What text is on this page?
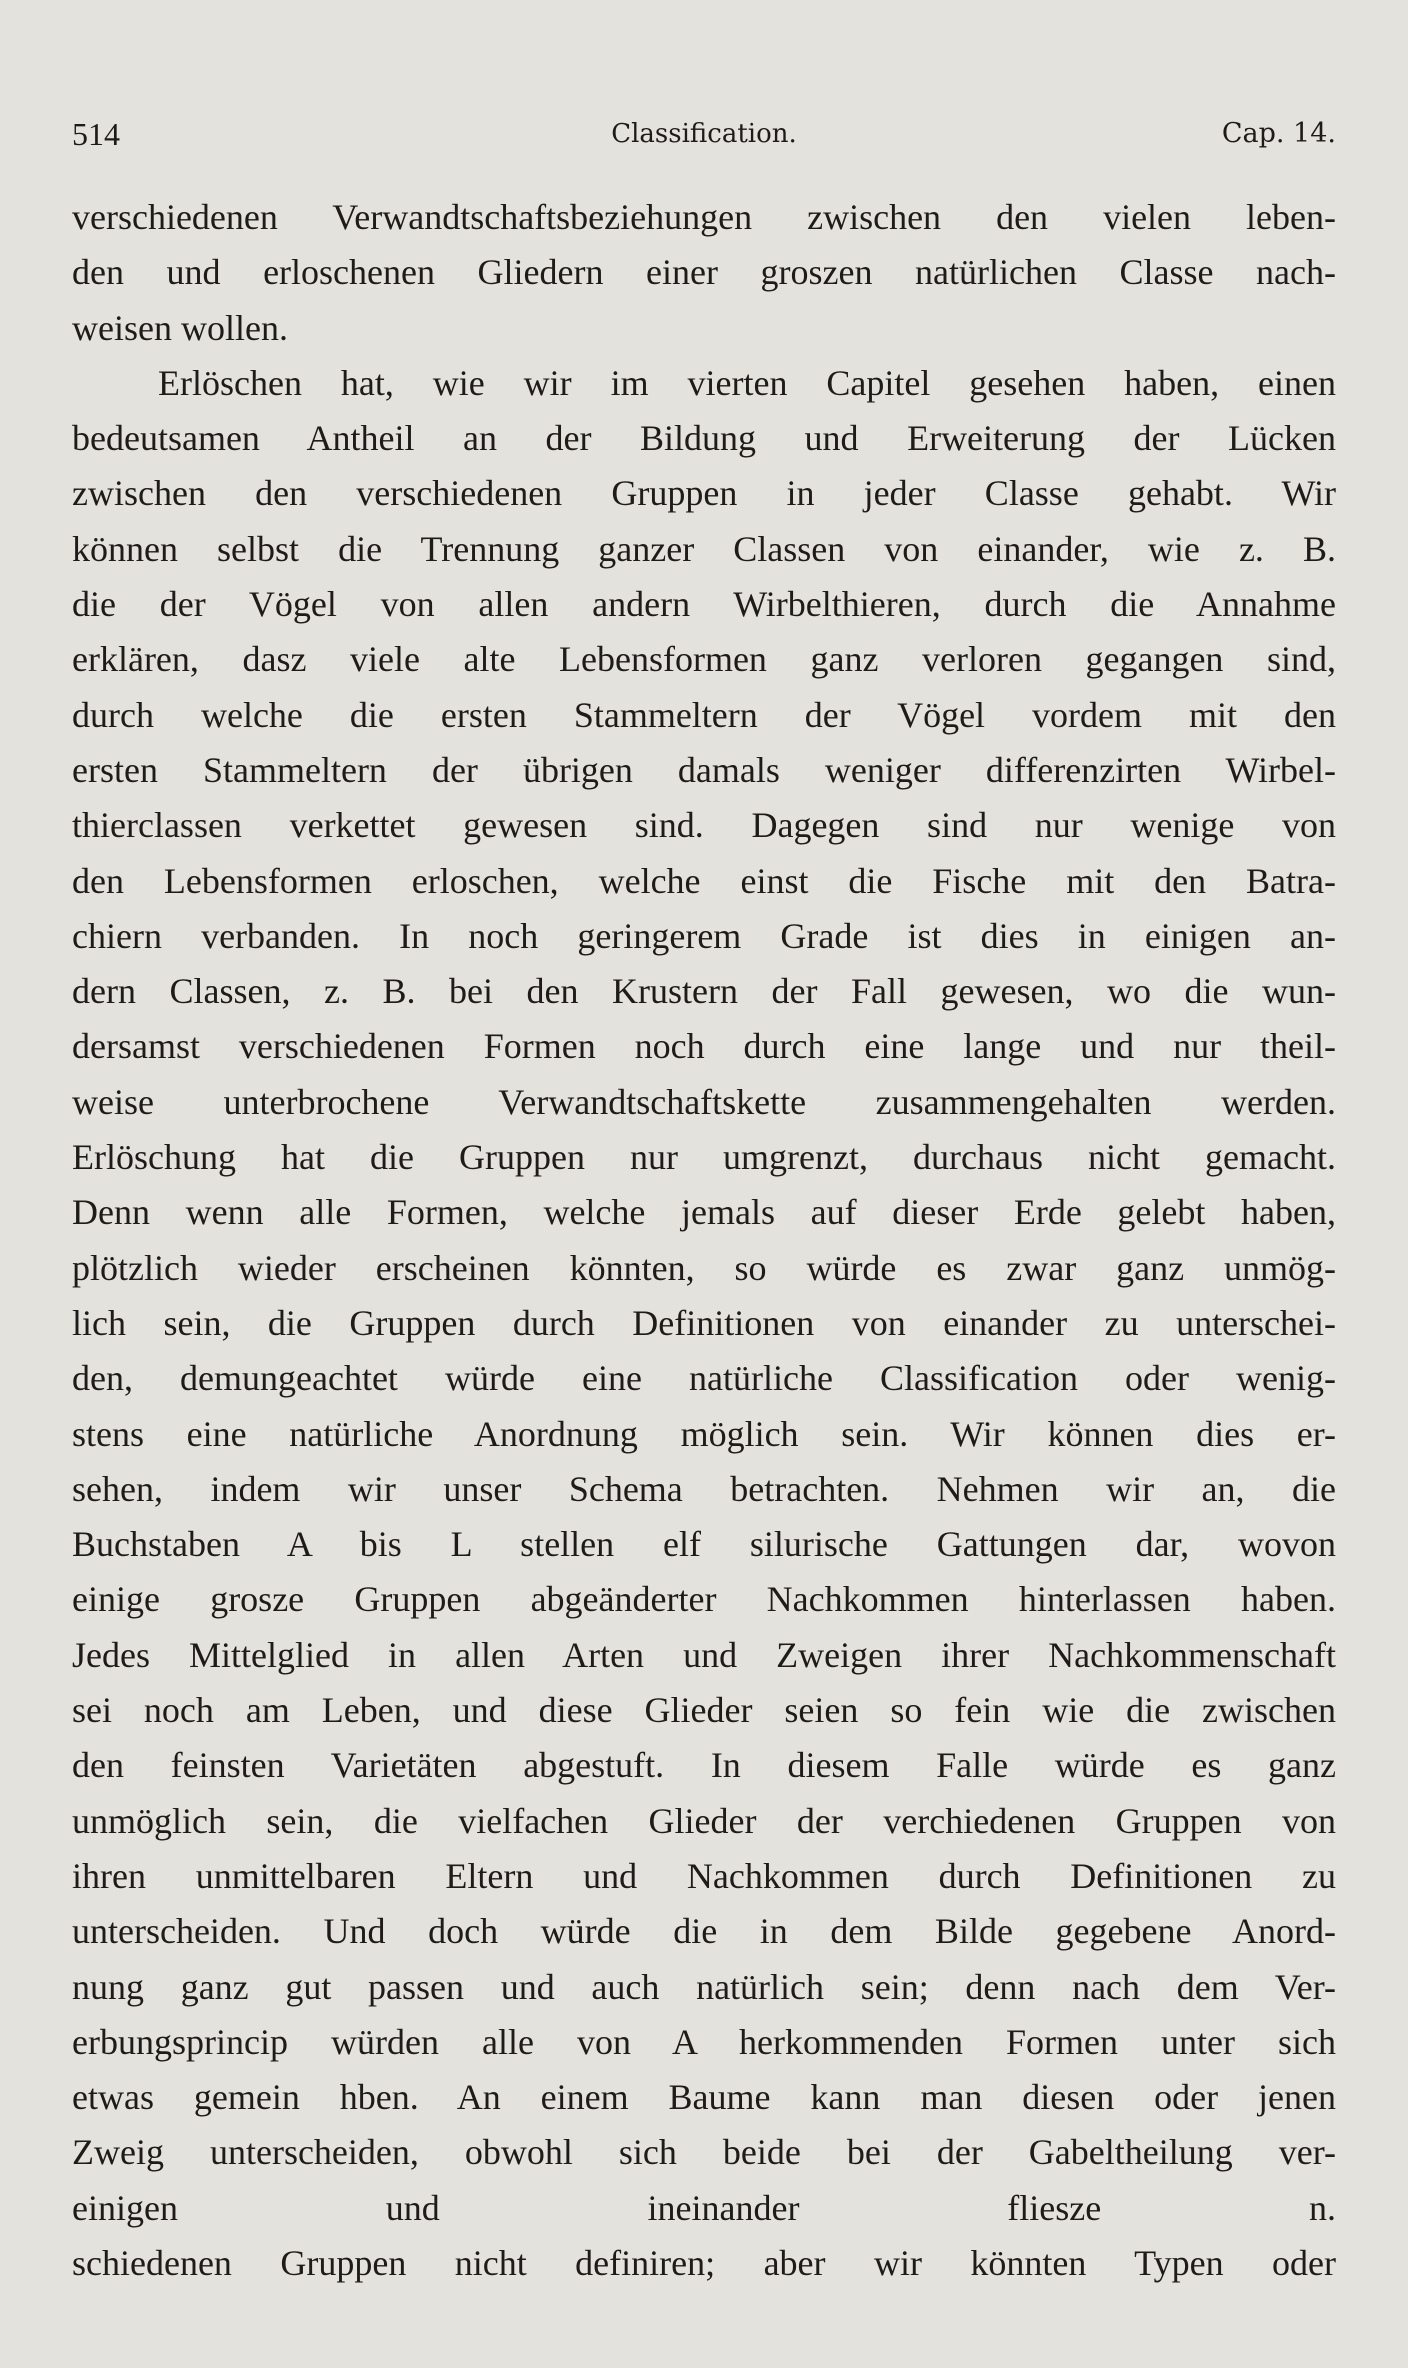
514	Classification.	Cap. 14.
verschiedenen Verwandtschaftsbeziehungen zwischen den vielen leben-
den und erloschenen Gliedern einer groszen natürlichen Classe nach-
weisen wollen.
Erlöschen hat, wie wir im vierten Capitel gesehen haben, einen
bedeutsamen Antheil an der Bildung und Erweiterung der Lücken
zwischen den verschiedenen Gruppen in jeder Classe gehabt. Wir
können selbst die Trennung ganzer Classen von einander, wie z. B.
die der Vögel von allen andern Wirbelthieren, durch die Annahme
erklären, dasz viele alte Lebensformen ganz verloren gegangen sind,
durch welche die ersten Stammeltern der Vögel vordem mit den
ersten Stammeltern der übrigen damals weniger differenzirten Wirbel-
thierclassen verkettet gewesen sind. Dagegen sind nur wenige von
den Lebensformen erloschen, welche einst die Fische mit den Batra-
chiern verbanden. In noch geringerem Grade ist dies in einigen an-
dern Classen, z. B. bei den Krustern der Fall gewesen, wo die wun-
dersamst verschiedenen Formen noch durch eine lange und nur theil-
weise unterbrochene Verwandtschaftskette zusammengehalten werden.
Erlöschung hat die Gruppen nur umgrenzt, durchaus nicht gemacht.
Denn wenn alle Formen, welche jemals auf dieser Erde gelebt haben,
plötzlich wieder erscheinen könnten, so würde es zwar ganz unmög-
lich sein, die Gruppen durch Definitionen von einander zu unterschei-
den, demungeachtet würde eine natürliche Classification oder wenig-
stens eine natürliche Anordnung möglich sein. Wir können dies er-
sehen, indem wir unser Schema betrachten. Nehmen wir an, die
Buchstaben A bis L stellen elf silurische Gattungen dar, wovon
einige grosze Gruppen abgeänderter Nachkommen hinterlassen haben.
Jedes Mittelglied in allen Arten und Zweigen ihrer Nachkommenschaft
sei noch am Leben, und diese Glieder seien so fein wie die zwischen
den feinsten Varietäten abgestuft. In diesem Falle würde es ganz
unmöglich sein, die vielfachen Glieder der verchiedenen Gruppen von
ihren unmittelbaren Eltern und Nachkommen durch Definitionen zu
unterscheiden. Und doch würde die in dem Bilde gegebene Anord-
nung ganz gut passen und auch natürlich sein; denn nach dem Ver-
erbungsprincip würden alle von A herkommenden Formen unter sich
etwas gemein hben. An einem Baume kann man diesen oder jenen
Zweig unterscheiden, obwohl sich beide bei der Gabeltheilung ver-
einigen und ineinander fliesze n.
schiedenen Gruppen nicht definiren; aber wir könnten Typen oder
